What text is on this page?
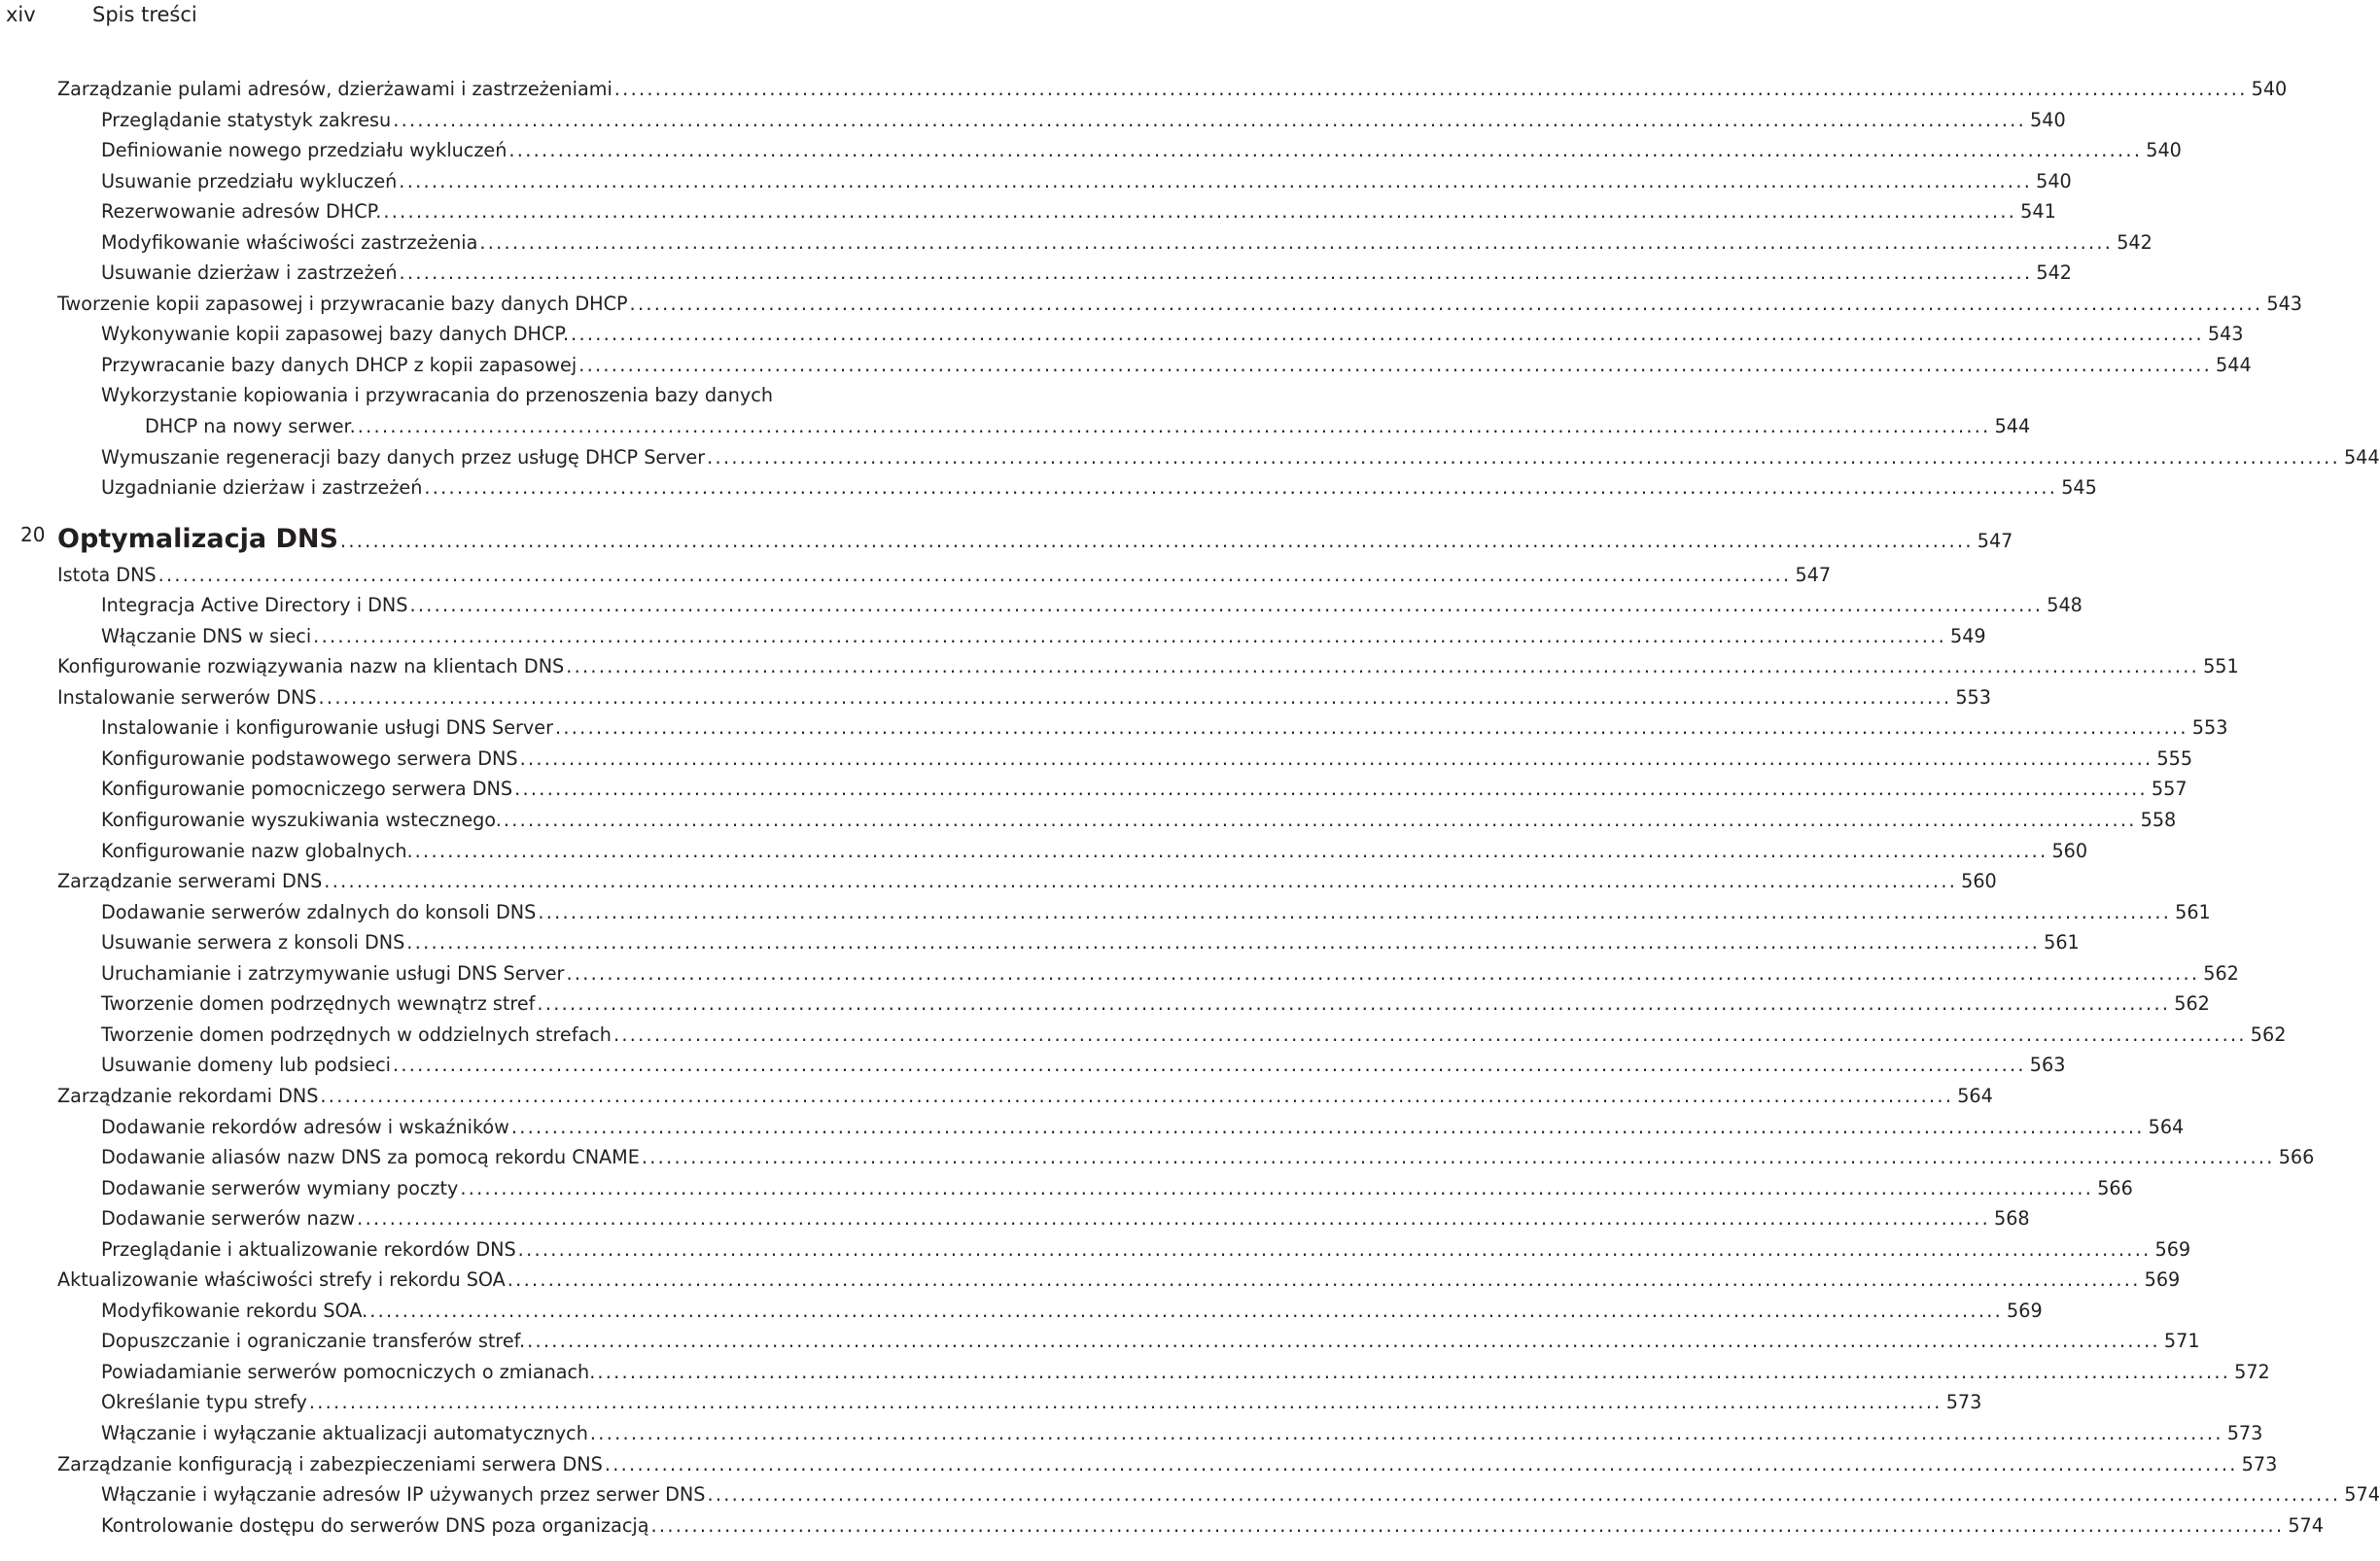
xiv	Spis treści
Zarządzanie pulami adresów, dzierżawami i zastrzeżeniami ........................................................................................................................................................................................................ 540
Przeglądanie statystyk zakresu ........................................................................................................................................................................................................ 540
Definiowanie nowego przedziału wykluczeń ........................................................................................................................................................................................................ 540
Usuwanie przedziału wykluczeń ........................................................................................................................................................................................................ 540
Rezerwowanie adresów DHCP. ........................................................................................................................................................................................................ 541
Modyfikowanie właściwości zastrzeżenia ........................................................................................................................................................................................................ 542
Usuwanie dzierżaw i zastrzeżeń ........................................................................................................................................................................................................ 542
Tworzenie kopii zapasowej i przywracanie bazy danych DHCP ........................................................................................................................................................................................................ 543
Wykonywanie kopii zapasowej bazy danych DHCP. ........................................................................................................................................................................................................ 543
Przywracanie bazy danych DHCP z kopii zapasowej ........................................................................................................................................................................................................ 544
Wykorzystanie kopiowania i przywracania do przenoszenia bazy danych
DHCP na nowy serwer. ........................................................................................................................................................................................................ 544
Wymuszanie regeneracji bazy danych przez usługę DHCP Server ........................................................................................................................................................................................................ 544
Uzgadnianie dzierżaw i zastrzeżeń ........................................................................................................................................................................................................ 545
20 Optymalizacja DNS ........................................................................................................................................................................................................ 547
Istota DNS ........................................................................................................................................................................................................ 547
Integracja Active Directory i DNS ........................................................................................................................................................................................................ 548
Włączanie DNS w sieci ........................................................................................................................................................................................................ 549
Konfigurowanie rozwiązywania nazw na klientach DNS ........................................................................................................................................................................................................ 551
Instalowanie serwerów DNS ........................................................................................................................................................................................................ 553
Instalowanie i konfigurowanie usługi DNS Server ........................................................................................................................................................................................................ 553
Konfigurowanie podstawowego serwera DNS ........................................................................................................................................................................................................ 555
Konfigurowanie pomocniczego serwera DNS ........................................................................................................................................................................................................ 557
Konfigurowanie wyszukiwania wstecznego. ........................................................................................................................................................................................................ 558
Konfigurowanie nazw globalnych. ........................................................................................................................................................................................................ 560
Zarządzanie serwerami DNS ........................................................................................................................................................................................................ 560
Dodawanie serwerów zdalnych do konsoli DNS ........................................................................................................................................................................................................ 561
Usuwanie serwera z konsoli DNS ........................................................................................................................................................................................................ 561
Uruchamianie i zatrzymywanie usługi DNS Server ........................................................................................................................................................................................................ 562
Tworzenie domen podrzędnych wewnątrz stref ........................................................................................................................................................................................................ 562
Tworzenie domen podrzędnych w oddzielnych strefach ........................................................................................................................................................................................................ 562
Usuwanie domeny lub podsieci ........................................................................................................................................................................................................ 563
Zarządzanie rekordami DNS ........................................................................................................................................................................................................ 564
Dodawanie rekordów adresów i wskaźników ........................................................................................................................................................................................................ 564
Dodawanie aliasów nazw DNS za pomocą rekordu CNAME ........................................................................................................................................................................................................ 566
Dodawanie serwerów wymiany poczty ........................................................................................................................................................................................................ 566
Dodawanie serwerów nazw ........................................................................................................................................................................................................ 568
Przeglądanie i aktualizowanie rekordów DNS ........................................................................................................................................................................................................ 569
Aktualizowanie właściwości strefy i rekordu SOA ........................................................................................................................................................................................................ 569
Modyfikowanie rekordu SOA. ........................................................................................................................................................................................................ 569
Dopuszczanie i ograniczanie transferów stref. ........................................................................................................................................................................................................ 571
Powiadamianie serwerów pomocniczych o zmianach. ........................................................................................................................................................................................................ 572
Określanie typu strefy ........................................................................................................................................................................................................ 573
Włączanie i wyłączanie aktualizacji automatycznych ........................................................................................................................................................................................................ 573
Zarządzanie konfiguracją i zabezpieczeniami serwera DNS ........................................................................................................................................................................................................ 573
Włączanie i wyłączanie adresów IP używanych przez serwer DNS ........................................................................................................................................................................................................ 574
Kontrolowanie dostępu do serwerów DNS poza organizacją ........................................................................................................................................................................................................ 574
